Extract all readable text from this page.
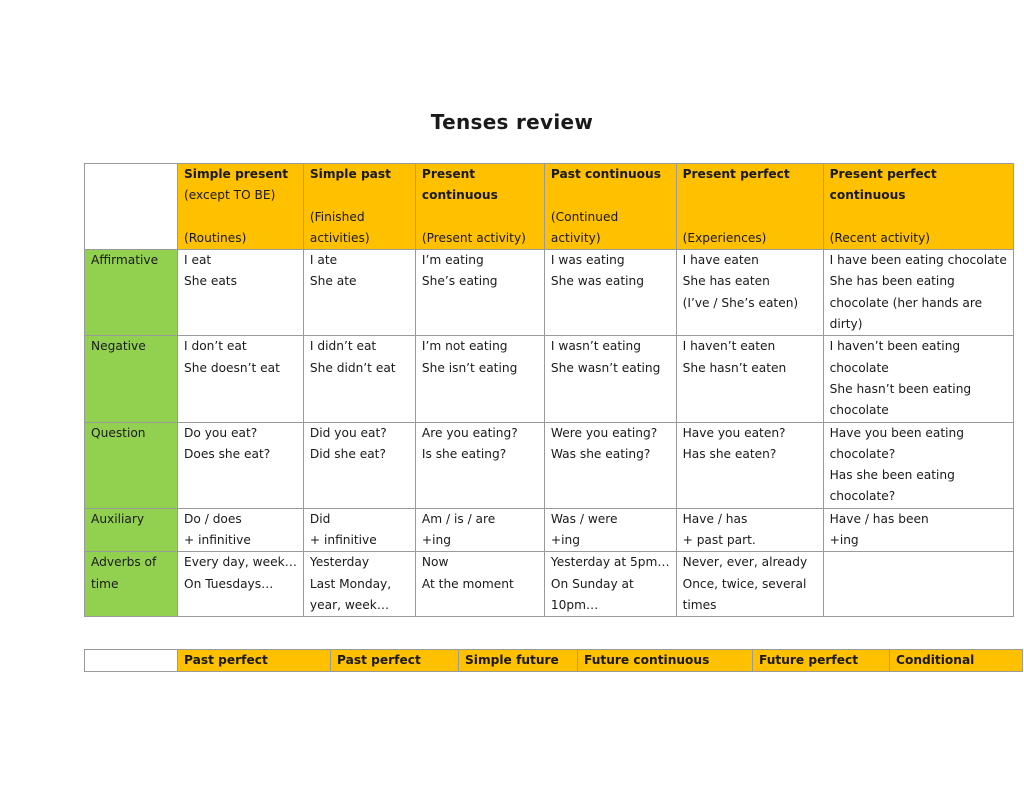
Tenses review

	Simple present
(except TO BE)

(Routines)	Simple past

(Finished
activities)	Present
continuous

(Present activity)	Past continuous

(Continued
activity)	Present perfect

(Experiences)	Present perfect
continuous

(Recent activity)

Affirmative	I eat
She eats	I ate
She ate	I’m eating
She’s eating	I was eating
She was eating	I have eaten
She has eaten
(I’ve / She’s eaten)	I have been eating chocolate
She has been eating
chocolate (her hands are
dirty)

Negative	I don’t eat
She doesn’t eat	I didn’t eat
She didn’t eat	I’m not eating
She isn’t eating	I wasn’t eating
She wasn’t eating	I haven’t eaten
She hasn’t eaten	I haven’t been eating
chocolate
She hasn’t been eating
chocolate

Question	Do you eat?
Does she eat?	Did you eat?
Did she eat?	Are you eating?
Is she eating?	Were you eating?
Was she eating?	Have you eaten?
Has she eaten?	Have you been eating
chocolate?
Has she been eating
chocolate?

Auxiliary	Do / does
+ infinitive	Did
+ infinitive	Am / is / are
+ing	Was / were
+ing	Have / has
+ past part.	Have / has been
+ing

Adverbs of
time	Every day, week…
On Tuesdays…	Yesterday
Last Monday,
year, week…	Now
At the moment	Yesterday at 5pm…
On Sunday at
10pm…	Never, ever, already
Once, twice, several
times	

	Past perfect	Past perfect	Simple future	Future continuous	Future perfect	Conditional
